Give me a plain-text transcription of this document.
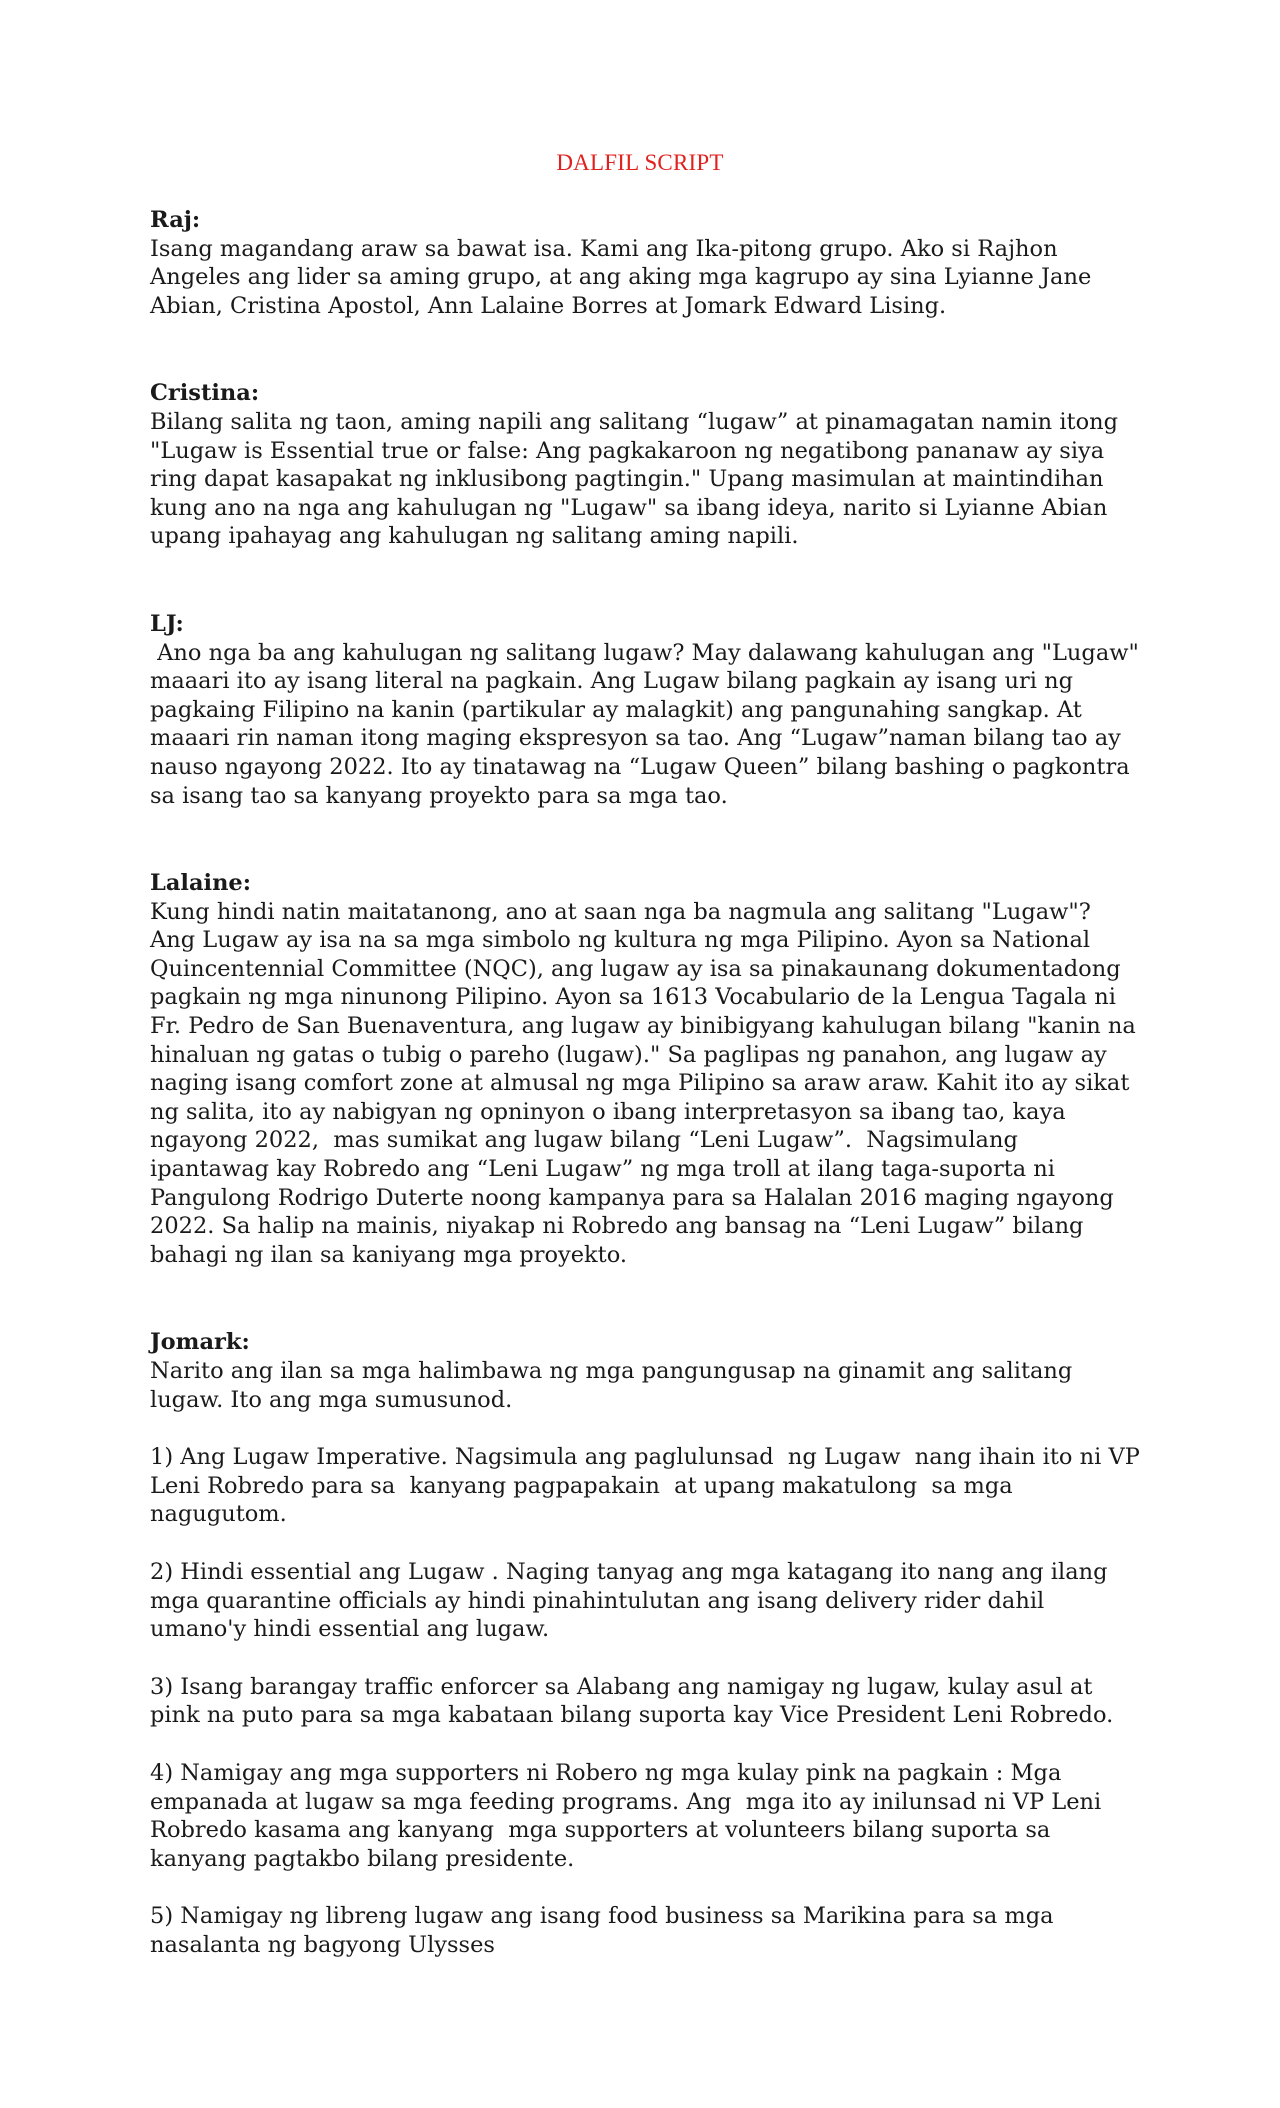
DALFIL SCRIPT
Raj:
Isang magandang araw sa bawat isa. Kami ang Ika-pitong grupo. Ako si Rajhon Angeles ang lider sa aming grupo, at ang aking mga kagrupo ay sina Lyianne Jane Abian, Cristina Apostol, Ann Lalaine Borres at Jomark Edward Lising.
Cristina:
Bilang salita ng taon, aming napili ang salitang “lugaw” at pinamagatan namin itong "Lugaw is Essential true or false: Ang pagkakaroon ng negatibong pananaw ay siya ring dapat kasapakat ng inklusibong pagtingin." Upang masimulan at maintindihan kung ano na nga ang kahulugan ng "Lugaw" sa ibang ideya, narito si Lyianne Abian upang ipahayag ang kahulugan ng salitang aming napili.
LJ:
Ano nga ba ang kahulugan ng salitang lugaw? May dalawang kahulugan ang "Lugaw" maaari ito ay isang literal na pagkain. Ang Lugaw bilang pagkain ay isang uri ng pagkaing Filipino na kanin (partikular ay malagkit) ang pangunahing sangkap. At maaari rin naman itong maging ekspresyon sa tao. Ang “Lugaw”naman bilang tao ay nauso ngayong 2022. Ito ay tinatawag na “Lugaw Queen” bilang bashing o pagkontra sa isang tao sa kanyang proyekto para sa mga tao.
Lalaine:
Kung hindi natin maitatanong, ano at saan nga ba nagmula ang salitang "Lugaw"? Ang Lugaw ay isa na sa mga simbolo ng kultura ng mga Pilipino. Ayon sa National Quincentennial Committee (NQC), ang lugaw ay isa sa pinakaunang dokumentadong pagkain ng mga ninunong Pilipino. Ayon sa 1613 Vocabulario de la Lengua Tagala ni Fr. Pedro de San Buenaventura, ang lugaw ay binibigyang kahulugan bilang "kanin na hinaluan ng gatas o tubig o pareho (lugaw)." Sa paglipas ng panahon, ang lugaw ay naging isang comfort zone at almusal ng mga Pilipino sa araw araw. Kahit ito ay sikat ng salita, ito ay nabigyan ng opninyon o ibang interpretasyon sa ibang tao, kaya ngayong 2022,  mas sumikat ang lugaw bilang “Leni Lugaw”.  Nagsimulang ipantawag kay Robredo ang “Leni Lugaw” ng mga troll at ilang taga-suporta ni Pangulong Rodrigo Duterte noong kampanya para sa Halalan 2016 maging ngayong 2022. Sa halip na mainis, niyakap ni Robredo ang bansag na “Leni Lugaw” bilang bahagi ng ilan sa kaniyang mga proyekto.
Jomark:
Narito ang ilan sa mga halimbawa ng mga pangungusap na ginamit ang salitang lugaw. Ito ang mga sumusunod.
1) Ang Lugaw Imperative. Nagsimula ang paglulunsad  ng Lugaw  nang ihain ito ni VP Leni Robredo para sa  kanyang pagpapakain  at upang makatulong  sa mga nagugutom.
2) Hindi essential ang Lugaw . Naging tanyag ang mga katagang ito nang ang ilang mga quarantine officials ay hindi pinahintulutan ang isang delivery rider dahil umano'y hindi essential ang lugaw.
3) Isang barangay traffic enforcer sa Alabang ang namigay ng lugaw, kulay asul at pink na puto para sa mga kabataan bilang suporta kay Vice President Leni Robredo.
4) Namigay ang mga supporters ni Robero ng mga kulay pink na pagkain : Mga empanada at lugaw sa mga feeding programs. Ang  mga ito ay inilunsad ni VP Leni Robredo kasama ang kanyang  mga supporters at volunteers bilang suporta sa kanyang pagtakbo bilang presidente.
5) Namigay ng libreng lugaw ang isang food business sa Marikina para sa mga nasalanta ng bagyong Ulysses
